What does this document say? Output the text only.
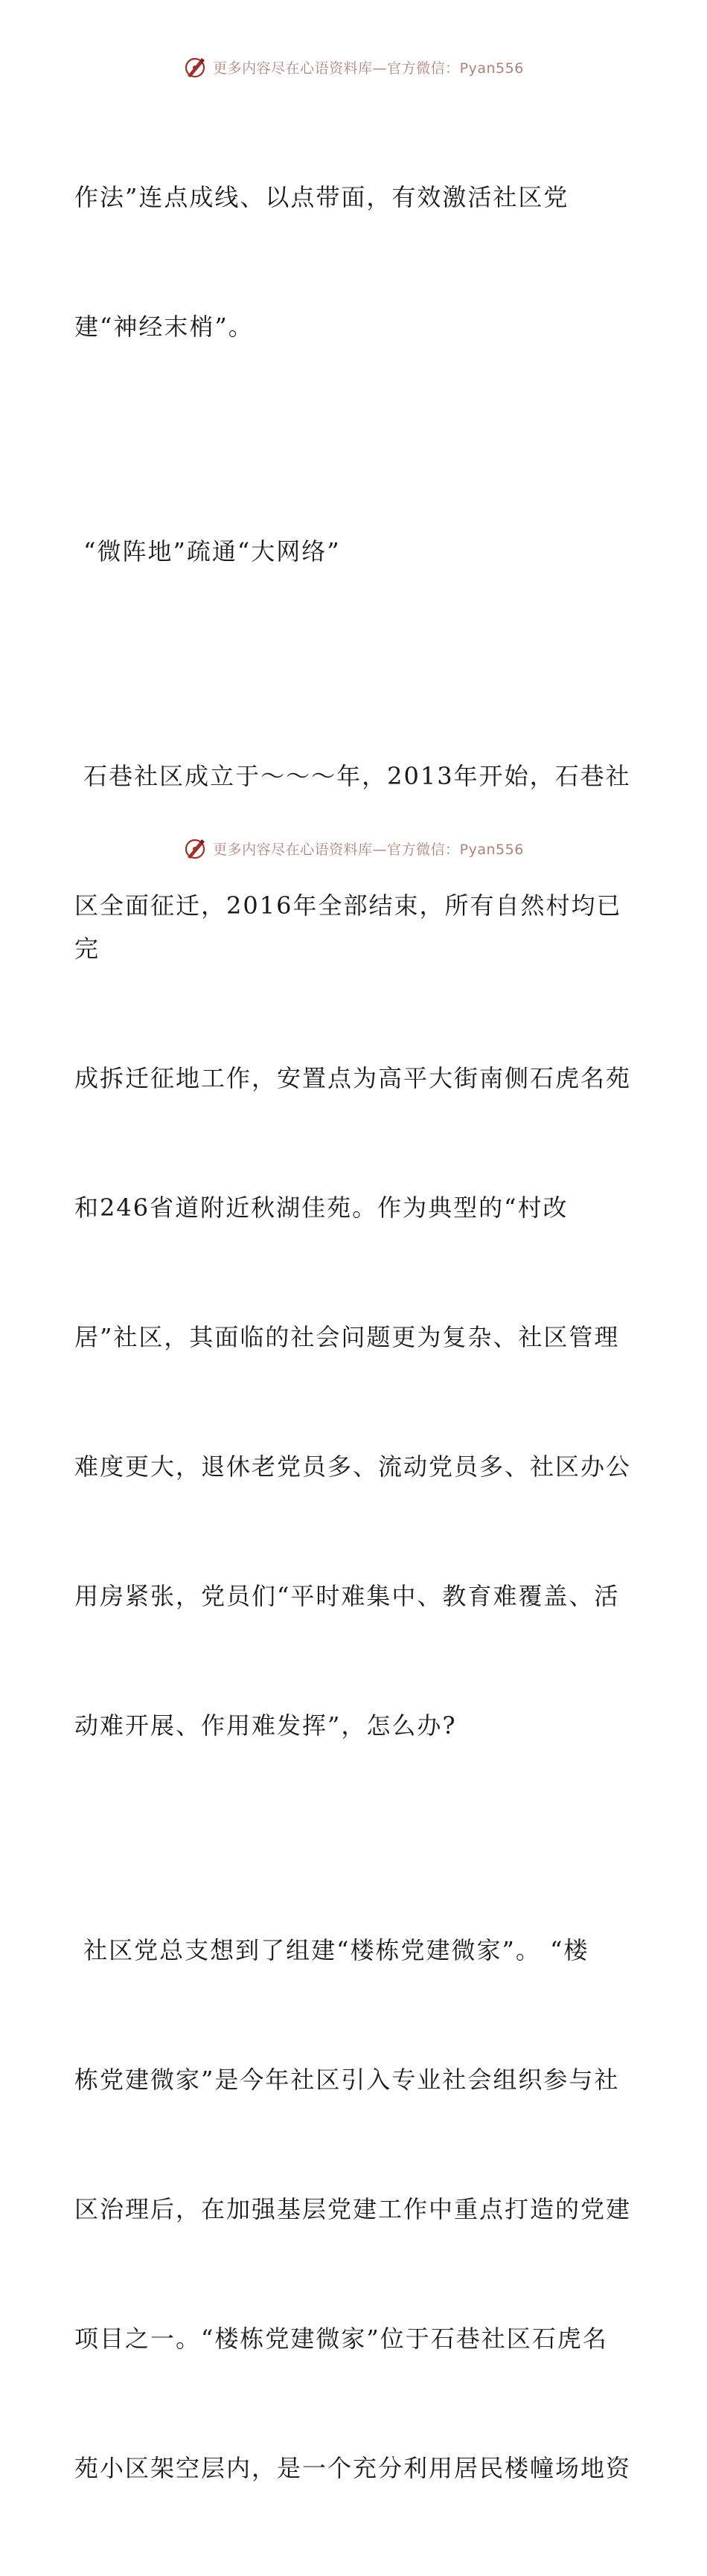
更多内容尽在心语资料库—官方微信：Pyan556

作法”连点成线、以点带面，有效激活社区党

建“神经末梢”。

“微阵地”疏通“大网络”

石巷社区成立于～～～年，2013年开始，石巷社

区全面征迁，2016年全部结束，所有自然村均已完

成拆迁征地工作，安置点为高平大街南侧石虎名苑

和246省道附近秋湖佳苑。作为典型的“村改

居”社区，其面临的社会问题更为复杂、社区管理

难度更大，退休老党员多、流动党员多、社区办公

用房紧张，党员们“平时难集中、教育难覆盖、活

动难开展、作用难发挥”，怎么办?

社区党总支想到了组建“楼栋党建微家”。 “楼

栋党建微家”是今年社区引入专业社会组织参与社

区治理后，在加强基层党建工作中重点打造的党建

项目之一。“楼栋党建微家”位于石巷社区石虎名

苑小区架空层内，是一个充分利用居民楼幢场地资

更多内容尽在心语资料库—官方微信：Pyan556
